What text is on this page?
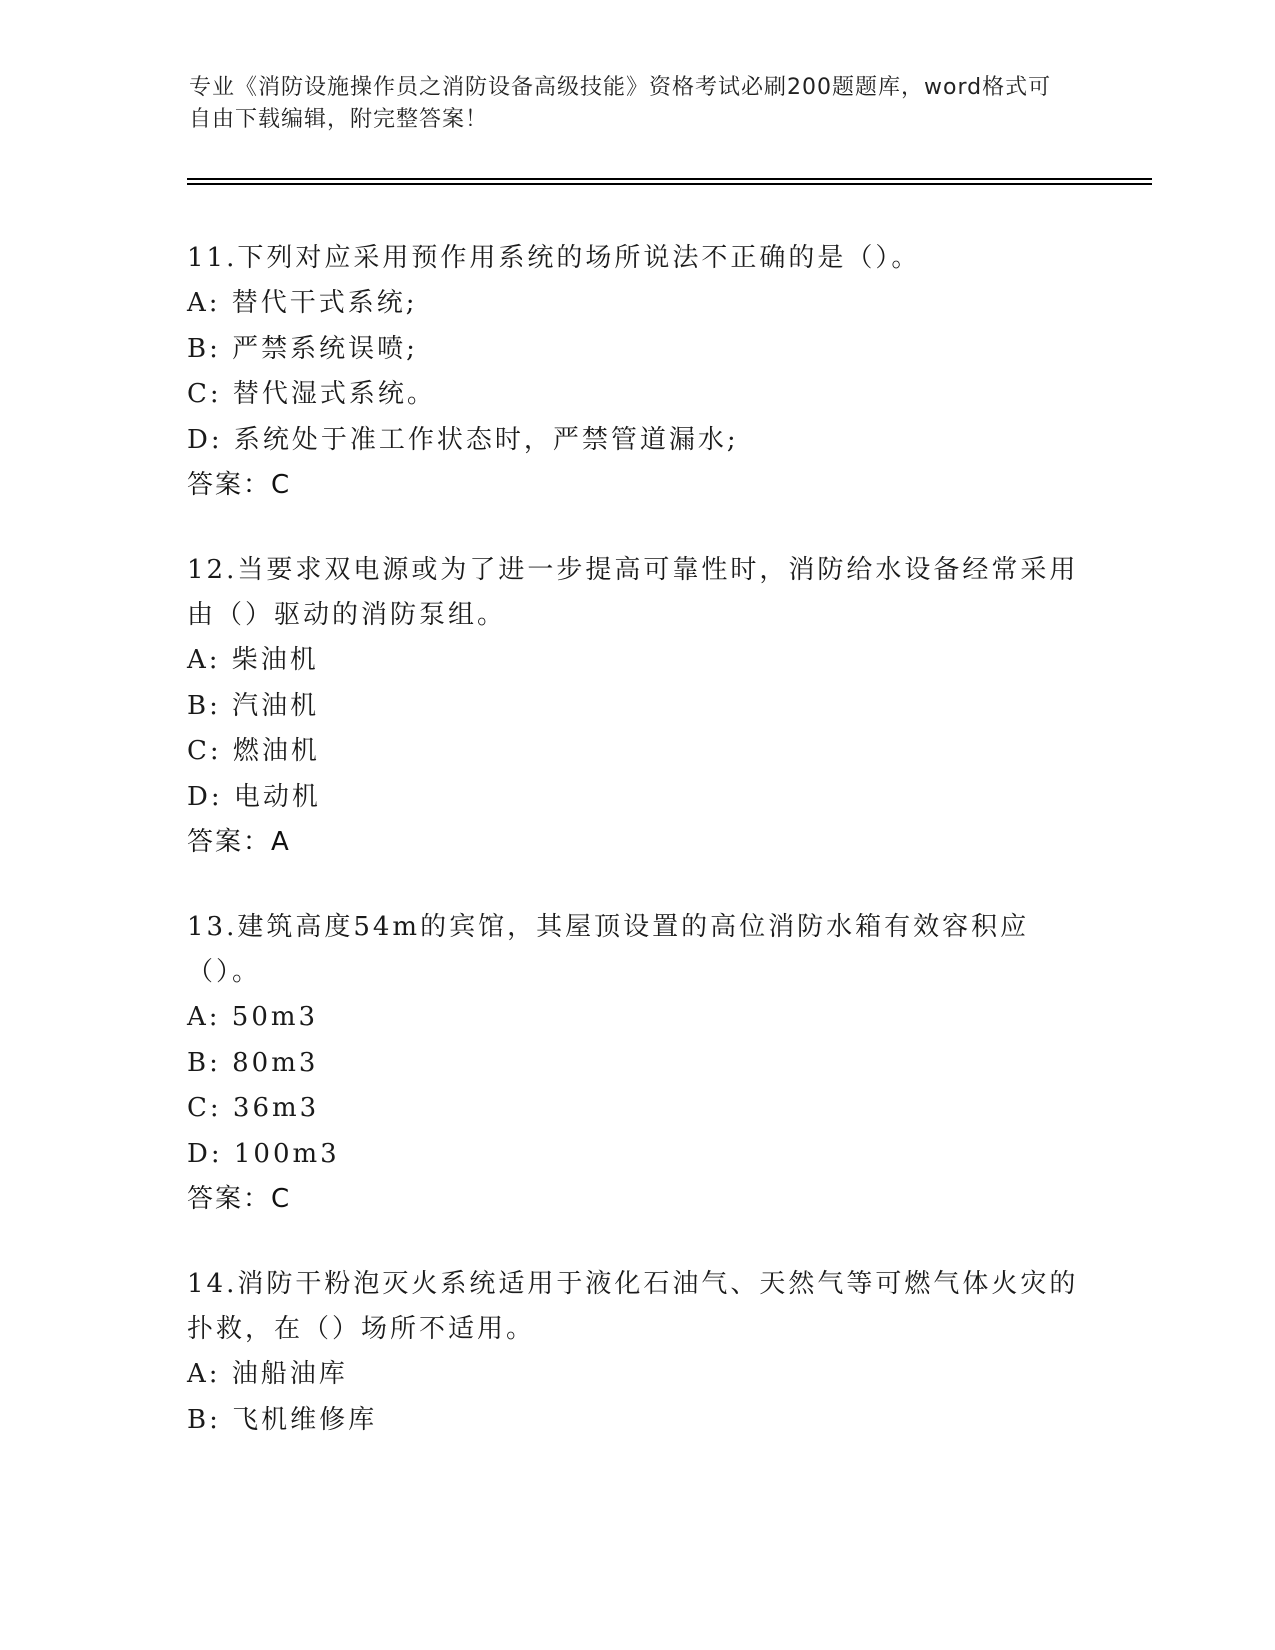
专业《消防设施操作员之消防设备高级技能》资格考试必刷200题题库，word格式可自由下载编辑，附完整答案！

11.下列对应采用预作用系统的场所说法不正确的是（）。

A: 替代干式系统;

B: 严禁系统误喷;

C: 替代湿式系统。

D: 系统处于准工作状态时，严禁管道漏水;

答案：C

12.当要求双电源或为了进一步提高可靠性时，消防给水设备经常采用由（）驱动的消防泵组。

A: 柴油机

B: 汽油机

C: 燃油机

D: 电动机

答案：A

13.建筑高度54m的宾馆，其屋顶设置的高位消防水箱有效容积应（）。

A: 50m3

B: 80m3

C: 36m3

D: 100m3

答案：C

14.消防干粉泡灭火系统适用于液化石油气、天然气等可燃气体火灾的扑救，在（）场所不适用。

A: 油船油库

B: 飞机维修库
